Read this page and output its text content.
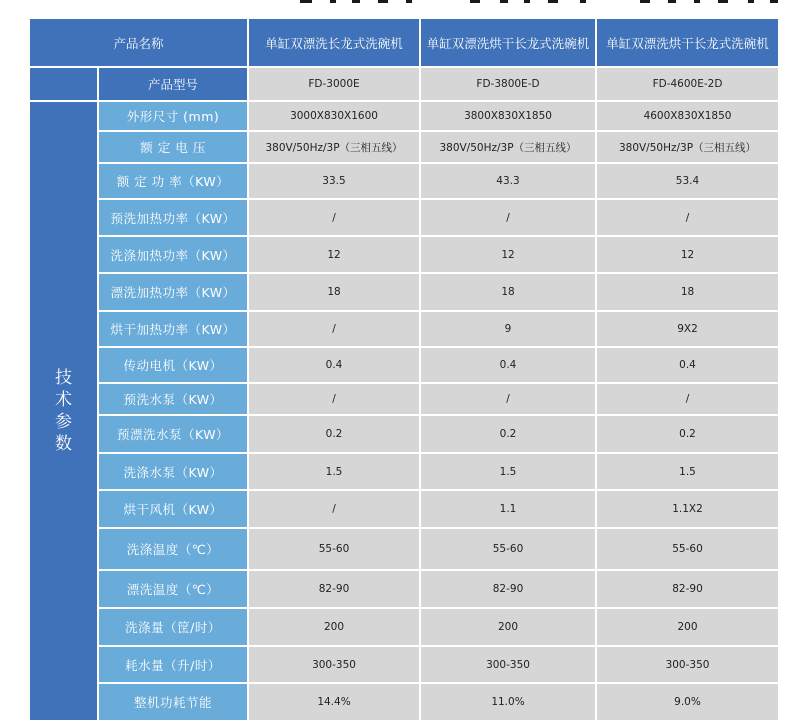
产品名称		单缸双漂洗长龙式洗碗机	单缸双漂洗烘干长龙式洗碗机	单缸双漂洗烘干长龙式洗碗机
	产品型号	FD-3000E	FD-3800E-D	FD-4600E-2D

技
术
参
数	外形尺寸 (mm)	3000X830X1600	3800X830X1850	4600X830X1850
	额 定 电 压	380V/50Hz/3P（三相五线）	380V/50Hz/3P（三相五线）	380V/50Hz/3P（三相五线）
	额 定 功 率（KW）	33.5	43.3	53.4
	预洗加热功率（KW）	/	/	/
	洗涤加热功率（KW）	12	12	12
	漂洗加热功率（KW）	18	18	18
	烘干加热功率（KW）	/	9	9X2
	传动电机（KW）	0.4	0.4	0.4
	预洗水泵（KW）	/	/	/
	预漂洗水泵（KW）	0.2	0.2	0.2
	洗涤水泵（KW）	1.5	1.5	1.5
	烘干风机（KW）	/	1.1	1.1X2
	洗涤温度（℃）	55-60	55-60	55-60
	漂洗温度（℃）	82-90	82-90	82-90
	洗涤量（筐/时）	200	200	200
	耗水量（升/时）	300-350	300-350	300-350
	整机功耗节能	14.4%	11.0%	9.0%
